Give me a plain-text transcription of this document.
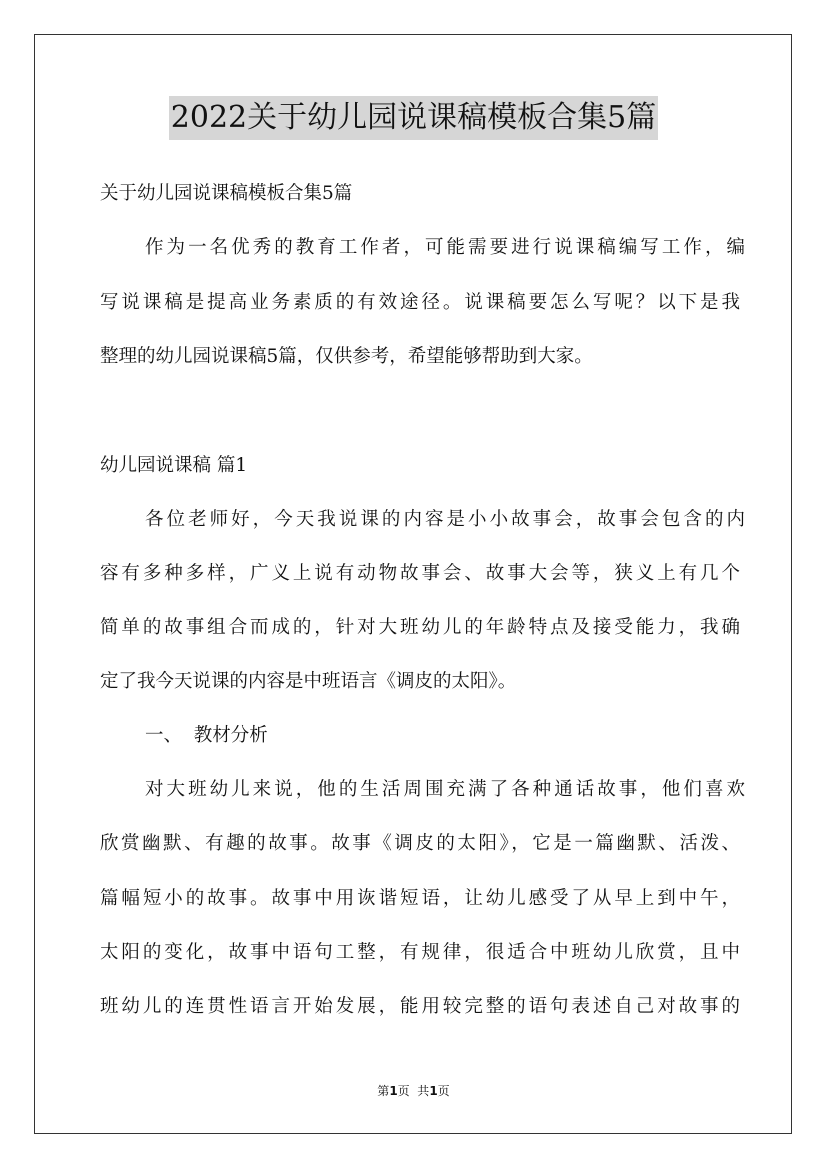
2022关于幼儿园说课稿模板合集5篇
关于幼儿园说课稿模板合集5篇
作为一名优秀的教育工作者，可能需要进行说课稿编写工作，编
写说课稿是提高业务素质的有效途径。说课稿要怎么写呢？以下是我
整理的幼儿园说课稿5篇，仅供参考，希望能够帮助到大家。
幼儿园说课稿 篇1
各位老师好，今天我说课的内容是小小故事会，故事会包含的内
容有多种多样，广义上说有动物故事会、故事大会等，狭义上有几个
简单的故事组合而成的，针对大班幼儿的年龄特点及接受能力，我确
定了我今天说课的内容是中班语言《调皮的太阳》。
一、  教材分析
对大班幼儿来说，他的生活周围充满了各种通话故事，他们喜欢
欣赏幽默、有趣的故事。故事《调皮的太阳》，它是一篇幽默、活泼、
篇幅短小的故事。故事中用诙谐短语，让幼儿感受了从早上到中午，
太阳的变化，故事中语句工整，有规律，很适合中班幼儿欣赏，且中
班幼儿的连贯性语言开始发展，能用较完整的语句表述自己对故事的
第1页  共1页
